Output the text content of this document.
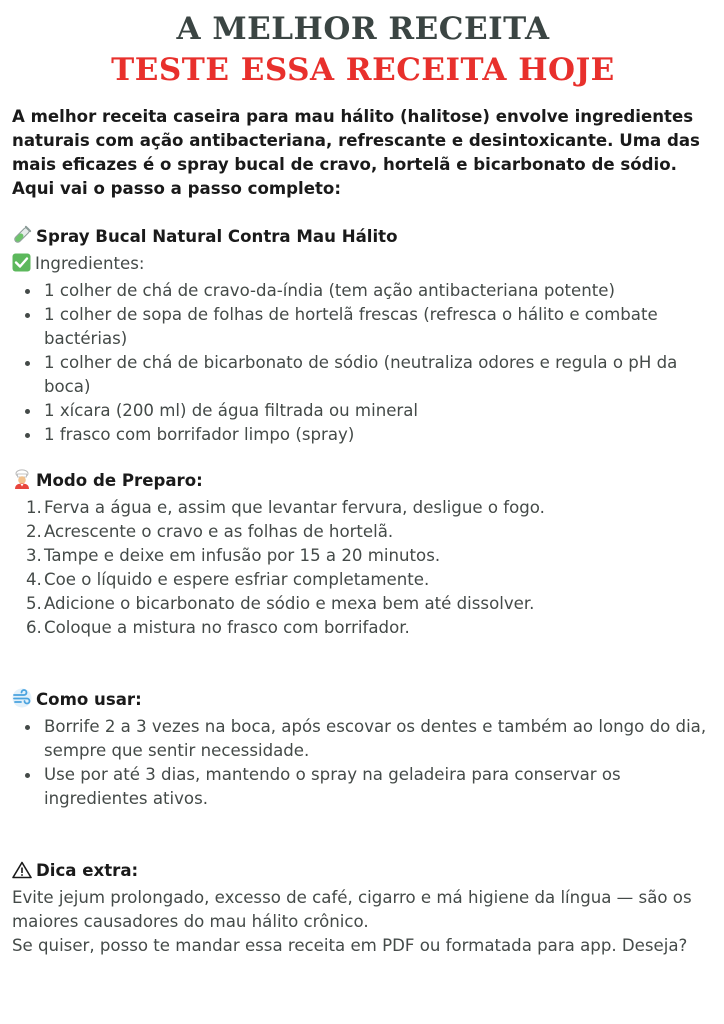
A MELHOR RECEITA
TESTE ESSA RECEITA HOJE

A melhor receita caseira para mau hálito (halitose) envolve ingredientes naturais com ação antibacteriana, refrescante e desintoxicante. Uma das mais eficazes é o spray bucal de cravo, hortelã e bicarbonato de sódio. Aqui vai o passo a passo completo:

Spray Bucal Natural Contra Mau Hálito

Ingredientes:

1 colher de chá de cravo-da-índia (tem ação antibacteriana potente)
1 colher de sopa de folhas de hortelã frescas (refresca o hálito e combate bactérias)
1 colher de chá de bicarbonato de sódio (neutraliza odores e regula o pH da boca)
1 xícara (200 ml) de água filtrada ou mineral
1 frasco com borrifador limpo (spray)

Modo de Preparo:

1. Ferva a água e, assim que levantar fervura, desligue o fogo.
2. Acrescente o cravo e as folhas de hortelã.
3. Tampe e deixe em infusão por 15 a 20 minutos.
4. Coe o líquido e espere esfriar completamente.
5. Adicione o bicarbonato de sódio e mexa bem até dissolver.
6. Coloque a mistura no frasco com borrifador.

Como usar:

Borrife 2 a 3 vezes na boca, após escovar os dentes e também ao longo do dia, sempre que sentir necessidade.
Use por até 3 dias, mantendo o spray na geladeira para conservar os ingredientes ativos.

Dica extra:

Evite jejum prolongado, excesso de café, cigarro e má higiene da língua — são os maiores causadores do mau hálito crônico.

Se quiser, posso te mandar essa receita em PDF ou formatada para app. Deseja?
